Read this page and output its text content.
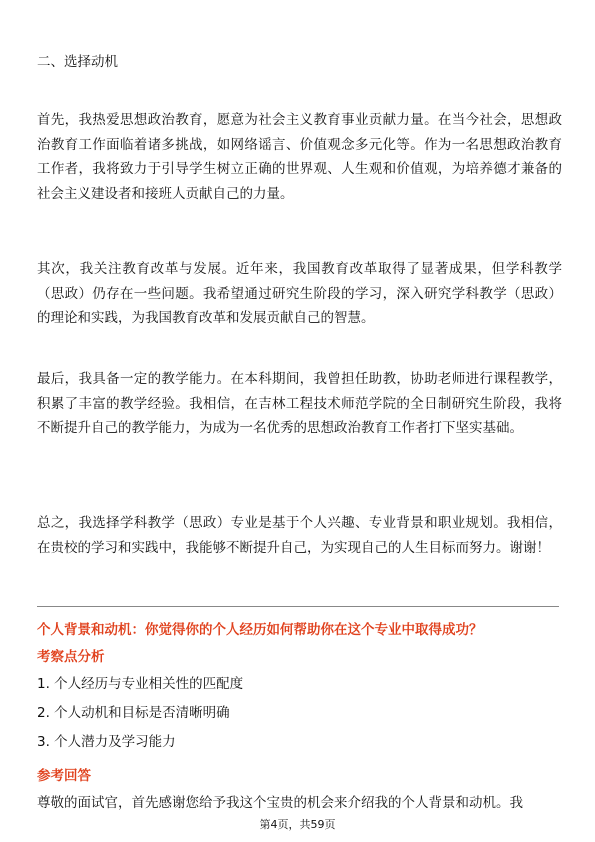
二、选择动机

首先，我热爱思想政治教育，愿意为社会主义教育事业贡献力量。在当今社会，思想政治教育工作面临着诸多挑战，如网络谣言、价值观念多元化等。作为一名思想政治教育工作者，我将致力于引导学生树立正确的世界观、人生观和价值观，为培养德才兼备的社会主义建设者和接班人贡献自己的力量。

其次，我关注教育改革与发展。近年来，我国教育改革取得了显著成果，但学科教学（思政）仍存在一些问题。我希望通过研究生阶段的学习，深入研究学科教学（思政）的理论和实践，为我国教育改革和发展贡献自己的智慧。

最后，我具备一定的教学能力。在本科期间，我曾担任助教，协助老师进行课程教学，积累了丰富的教学经验。我相信，在吉林工程技术师范学院的全日制研究生阶段，我将不断提升自己的教学能力，为成为一名优秀的思想政治教育工作者打下坚实基础。

总之，我选择学科教学（思政）专业是基于个人兴趣、专业背景和职业规划。我相信，在贵校的学习和实践中，我能够不断提升自己，为实现自己的人生目标而努力。谢谢！

个人背景和动机：你觉得你的个人经历如何帮助你在这个专业中取得成功？

考察点分析

1. 个人经历与专业相关性的匹配度

2. 个人动机和目标是否清晰明确

3. 个人潜力及学习能力

参考回答

尊敬的面试官，首先感谢您给予我这个宝贵的机会来介绍我的个人背景和动机。我

第4页，共59页
